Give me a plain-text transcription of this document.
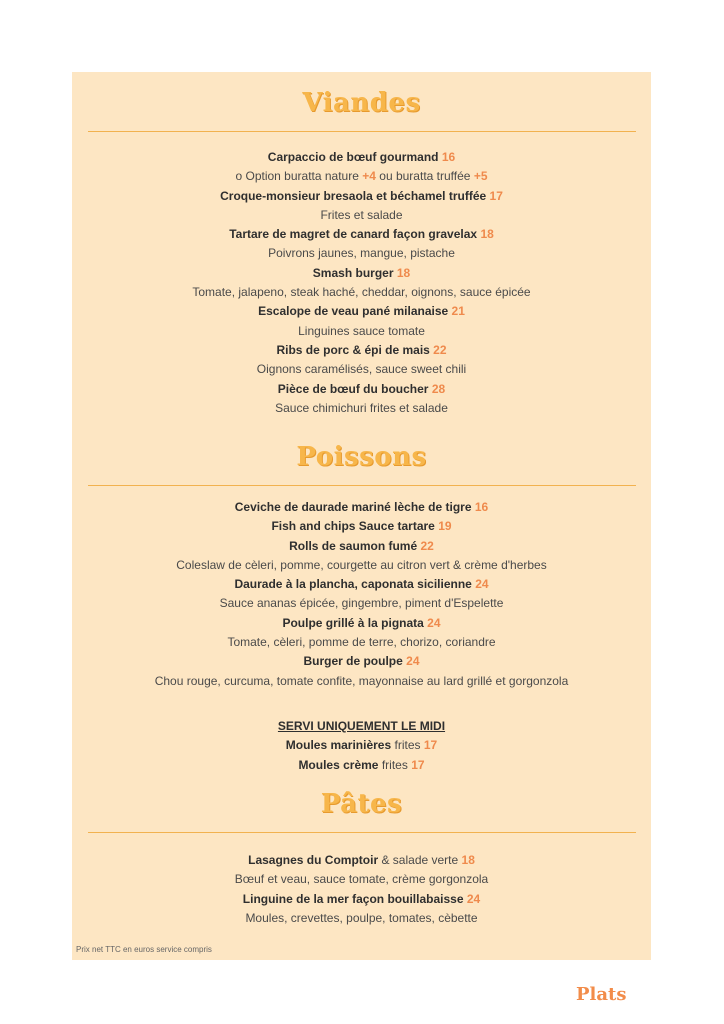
Viandes
Carpaccio de bœuf gourmand 16
o Option buratta nature +4 ou buratta truffée +5
Croque-monsieur bresaola et béchamel truffée 17
Frites et salade
Tartare de magret de canard façon gravelax 18
Poivrons jaunes, mangue, pistache
Smash burger 18
Tomate, jalapeno, steak haché, cheddar, oignons, sauce épicée
Escalope de veau pané milanaise 21
Linguines sauce tomate
Ribs de porc & épi de mais 22
Oignons caramélisés, sauce sweet chili
Pièce de bœuf du boucher 28
Sauce chimichuri frites et salade
Poissons
Ceviche de daurade mariné lèche de tigre 16
Fish and chips Sauce tartare 19
Rolls de saumon fumé 22
Coleslaw de cèleri, pomme, courgette au citron vert & crème d'herbes
Daurade à la plancha, caponata sicilienne 24
Sauce ananas épicée, gingembre, piment d'Espelette
Poulpe grillé à la pignata 24
Tomate, cèleri, pomme de terre, chorizo, coriandre
Burger de poulpe 24
Chou rouge, curcuma, tomate confite, mayonnaise au lard grillé et gorgonzola
SERVI UNIQUEMENT LE MIDI
Moules marinières frites 17
Moules crème frites 17
Pâtes
Lasagnes du Comptoir & salade verte 18
Bœuf et veau, sauce tomate, crème gorgonzola
Linguine de la mer façon bouillabaisse 24
Moules, crevettes, poulpe, tomates, cèbette
Prix net TTC en euros service compris
Plats
